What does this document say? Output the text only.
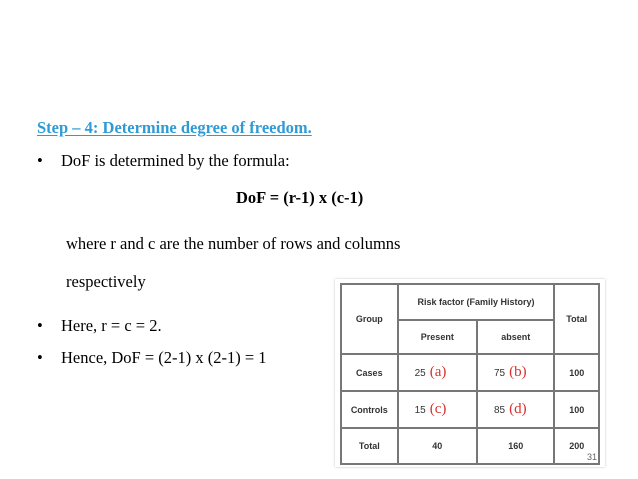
Step – 4: Determine degree of freedom.
• DoF is determined by the formula:
DoF = (r-1) x (c-1)
where r and c are the number of rows and columns
respectively
• Here, r = c = 2.
• Hence, DoF = (2-1) x (2-1) = 1
Group	Risk factor (Family History)		Total
	Present	absent	
Cases	25 (a)	75 (b)	100
Controls	15 (c)	85 (d)	100
Total	40	160	200
31
